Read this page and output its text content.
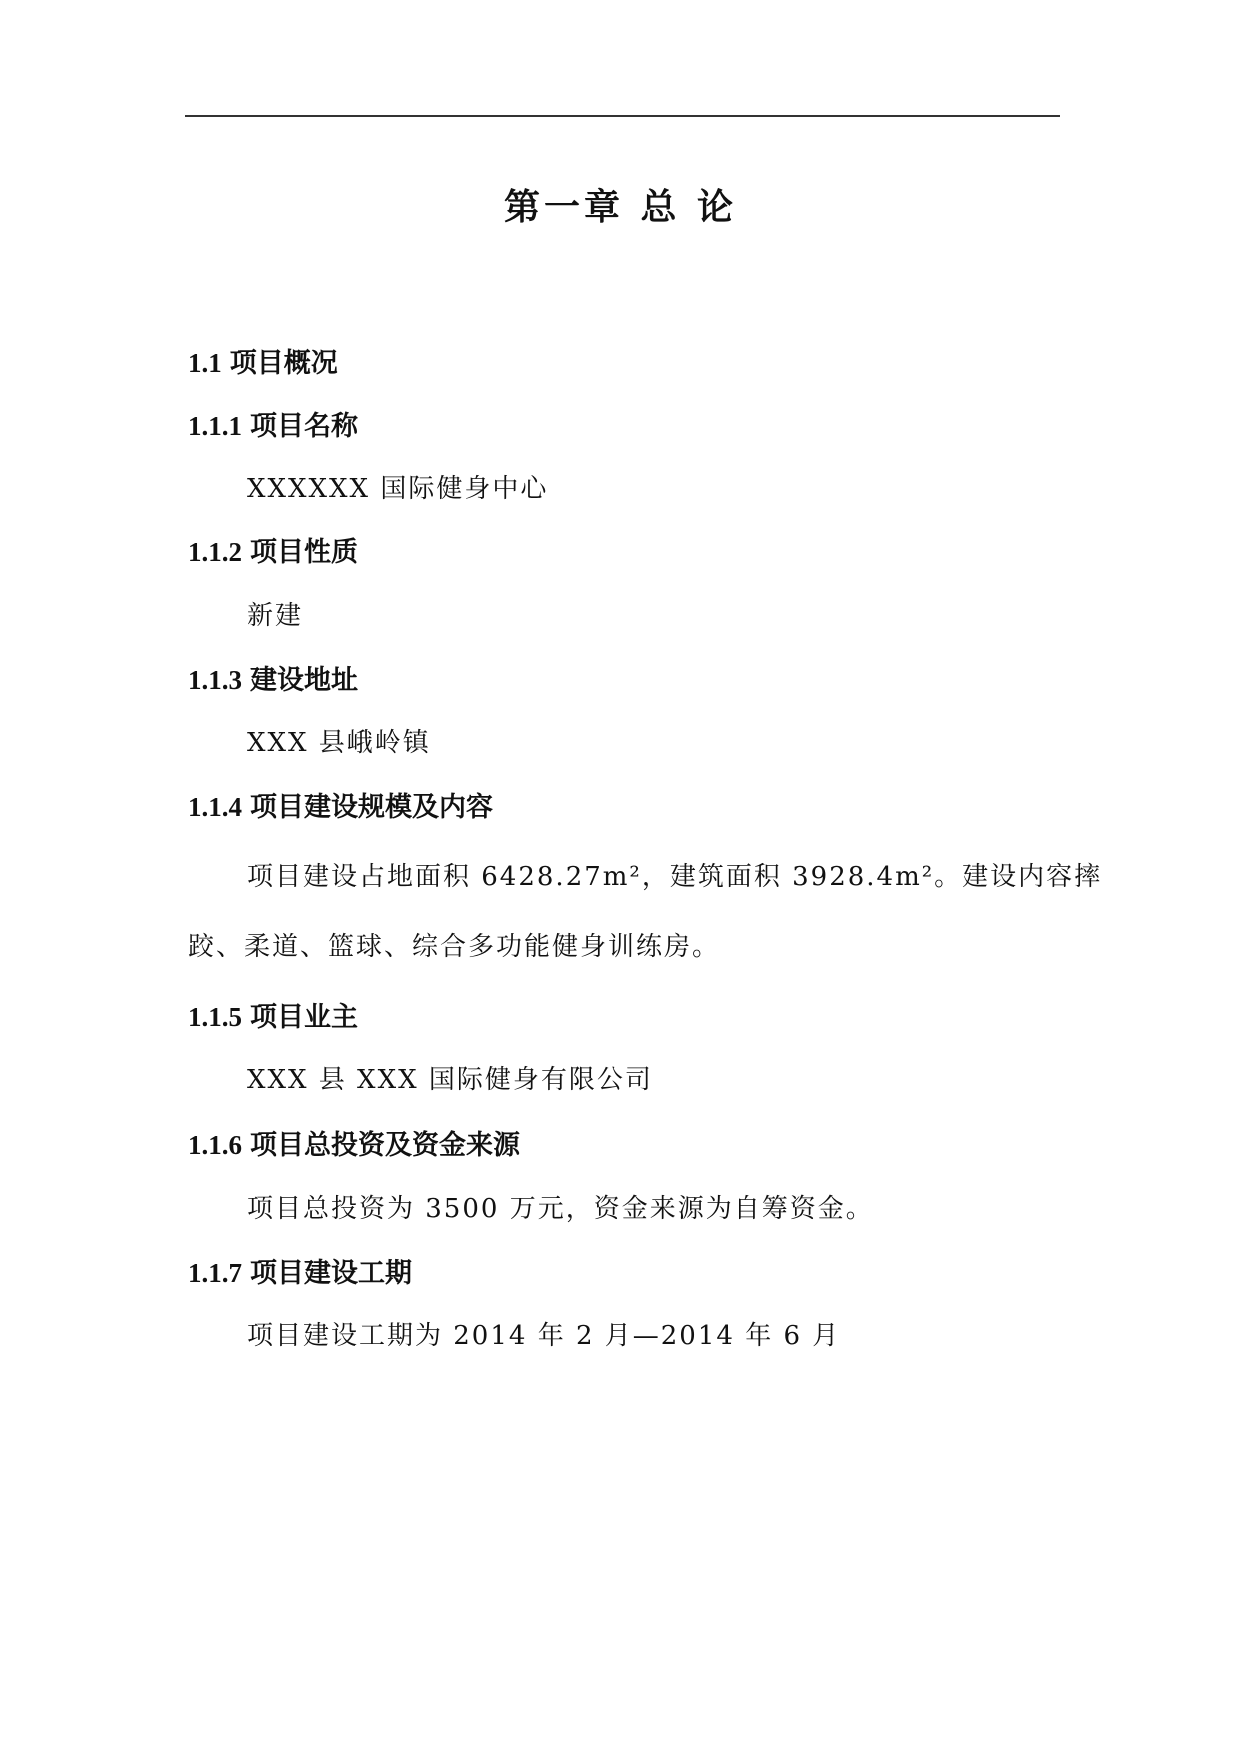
第一章 总 论
1.1 项目概况
1.1.1 项目名称
XXXXXX 国际健身中心
1.1.2 项目性质
新建
1.1.3 建设地址
XXX 县峨岭镇
1.1.4 项目建设规模及内容
项目建设占地面积 6428.27m²，建筑面积 3928.4m²。建设内容摔
跤、柔道、篮球、综合多功能健身训练房。
1.1.5 项目业主
XXX 县 XXX 国际健身有限公司
1.1.6 项目总投资及资金来源
项目总投资为 3500 万元，资金来源为自筹资金。
1.1.7 项目建设工期
项目建设工期为 2014 年 2 月—2014 年 6 月
